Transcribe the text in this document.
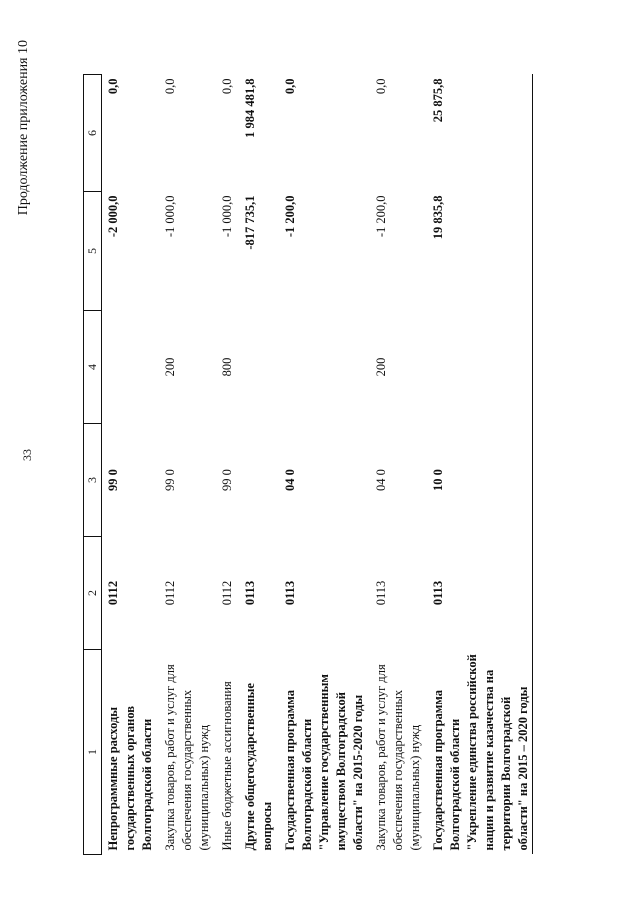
33
Продолжение приложения 10
1	2	3	4	5	6
Непрограммные расходы государственных органов Волгоградской области	0112	99 0		-2 000,0	0,0
Закупка товаров, работ и услуг для обеспечения государственных (муниципальных) нужд	0112	99 0	200	-1 000,0	0,0
Иные бюджетные ассигнования	0112	99 0	800	-1 000,0	0,0
Другие общегосударственные вопросы	0113			-817 735,1	1 984 481,8
Государственная программа Волгоградской области "Управление государственным имуществом Волгоградской области" на 2015-2020 годы	0113	04 0		-1 200,0	0,0
Закупка товаров, работ и услуг для обеспечения государственных (муниципальных) нужд	0113	04 0	200	-1 200,0	0,0
Государственная программа Волгоградской области "Укрепление единства российской нации и развитие казачества на территории Волгоградской области" на 2015 – 2020 годы	0113	10 0		19 835,8	25 875,8
